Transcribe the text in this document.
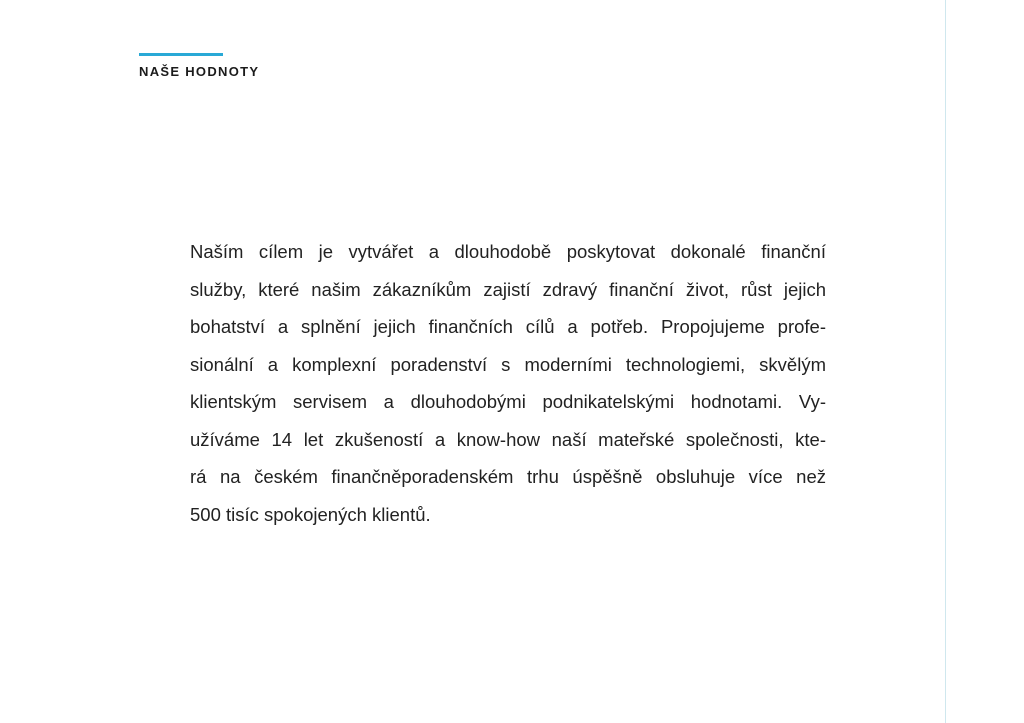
NAŠE HODNOTY

Naším cílem je vytvářet a dlouhodobě poskytovat dokonalé finanční
služby, které našim zákazníkům zajistí zdravý finanční život, růst jejich
bohatství a splnění jejich finančních cílů a potřeb. Propojujeme profe-
sionální a komplexní poradenství s moderními technologiemi, skvělým
klientským servisem a dlouhodobými podnikatelskými hodnotami. Vy-
užíváme 14 let zkušeností a know-how naší mateřské společnosti, kte-
rá na českém finančněporadenském trhu úspěšně obsluhuje více než
500 tisíc spokojených klientů.
